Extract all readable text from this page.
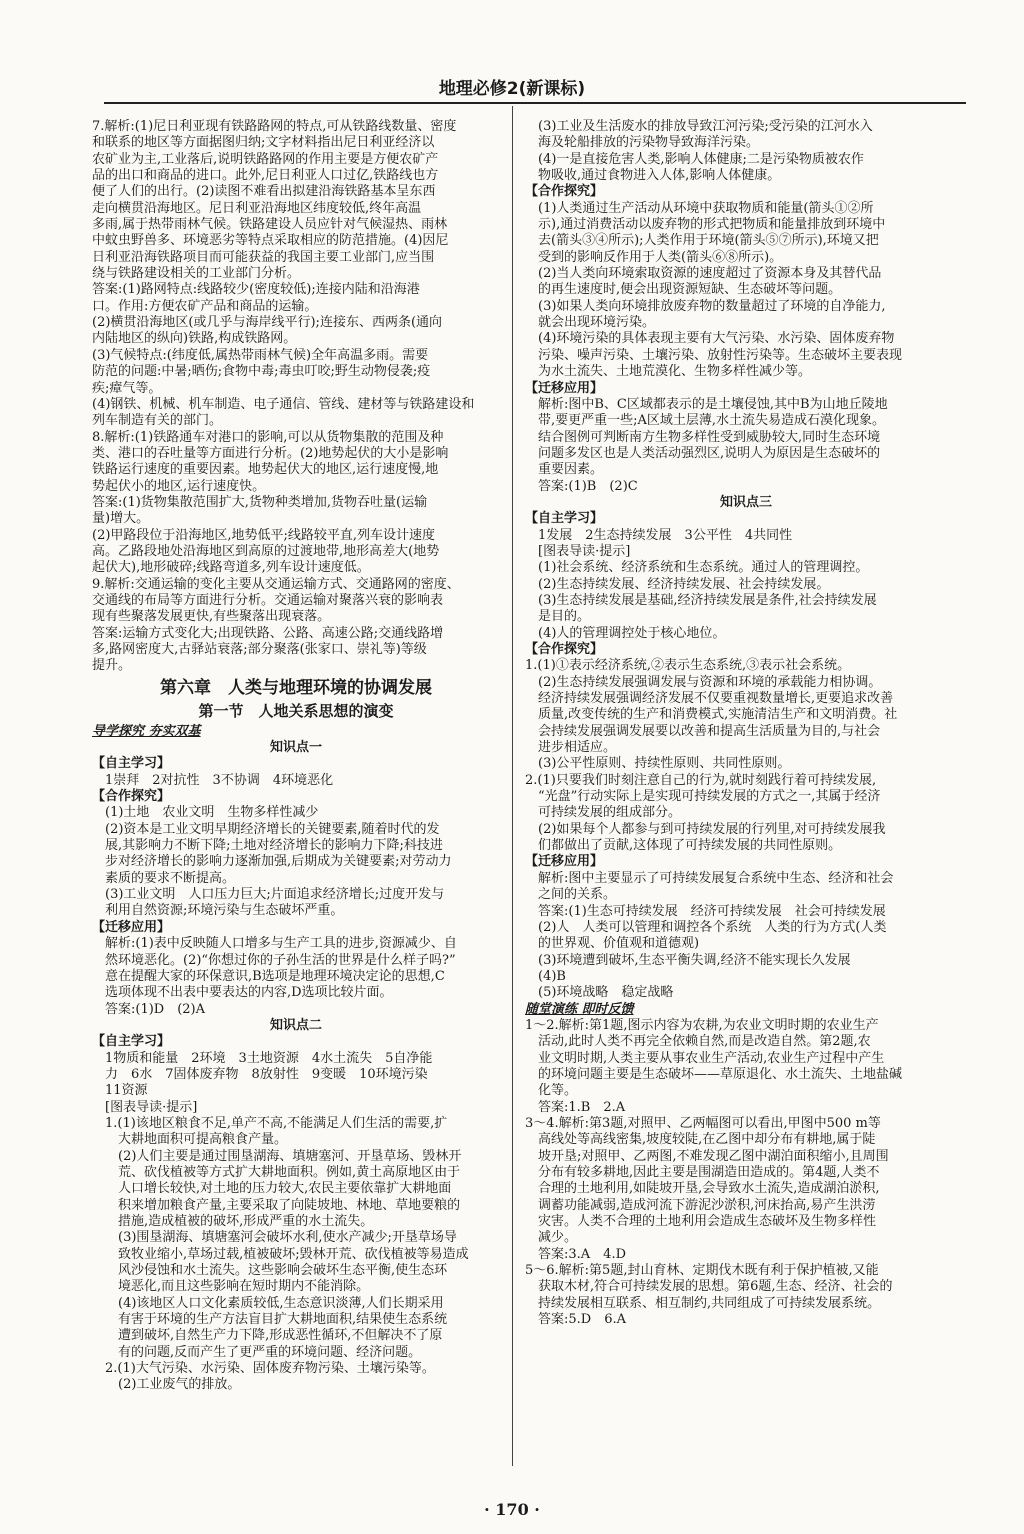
地理必修2(新课标)
7.解析:(1)尼日利亚现有铁路路网的特点,可从铁路线数量、密度
和联系的地区等方面据图归纳;文字材料指出尼日利亚经济以
农矿业为主,工业落后,说明铁路路网的作用主要是方便农矿产
品的出口和商品的进口。此外,尼日利亚人口过亿,铁路线也方
便了人们的出行。(2)读图不难看出拟建沿海铁路基本呈东西
走向横贯沿海地区。尼日利亚沿海地区纬度较低,终年高温
多雨,属于热带雨林气候。铁路建设人员应针对气候湿热、雨林
中蚊虫野兽多、环境恶劣等特点采取相应的防范措施。(4)因尼
日利亚沿海铁路项目而可能获益的我国主要工业部门,应当围
绕与铁路建设相关的工业部门分析。
答案:(1)路网特点:线路较少(密度较低);连接内陆和沿海港
口。作用:方便农矿产品和商品的运输。
(2)横贯沿海地区(或几乎与海岸线平行);连接东、西两条(通向
内陆地区的纵向)铁路,构成铁路网。
(3)气候特点:(纬度低,属热带雨林气候)全年高温多雨。需要
防范的问题:中暑;晒伤;食物中毒;毒虫叮咬;野生动物侵袭;疫
疾;瘴气等。
(4)钢铁、机械、机车制造、电子通信、管线、建材等与铁路建设和
列车制造有关的部门。
8.解析:(1)铁路通车对港口的影响,可以从货物集散的范围及种
类、港口的吞吐量等方面进行分析。(2)地势起伏的大小是影响
铁路运行速度的重要因素。地势起伏大的地区,运行速度慢,地
势起伏小的地区,运行速度快。
答案:(1)货物集散范围扩大,货物种类增加,货物吞吐量(运输
量)增大。
(2)甲路段位于沿海地区,地势低平;线路较平直,列车设计速度
高。乙路段地处沿海地区到高原的过渡地带,地形高差大(地势
起伏大),地形破碎;线路弯道多,列车设计速度低。
9.解析:交通运输的变化主要从交通运输方式、交通路网的密度、
交通线的布局等方面进行分析。交通运输对聚落兴衰的影响表
现有些聚落发展更快,有些聚落出现衰落。
答案:运输方式变化大;出现铁路、公路、高速公路;交通线路增
多,路网密度大,古驿站衰落;部分聚落(张家口、崇礼等)等级
提升。
第六章　人类与地理环境的协调发展
第一节　人地关系思想的演变
导学探究 夯实双基
知识点一
【自主学习】
　1崇拜　2对抗性　3不协调　4环境恶化
【合作探究】
　(1)土地　农业文明　生物多样性减少
　(2)资本是工业文明早期经济增长的关键要素,随着时代的发
　展,其影响力不断下降;土地对经济增长的影响力下降;科技进
　步对经济增长的影响力逐渐加强,后期成为关键要素;对劳动力
　素质的要求不断提高。
　(3)工业文明　人口压力巨大;片面追求经济增长;过度开发与
　利用自然资源;环境污染与生态破坏严重。
【迁移应用】
　解析:(1)表中反映随人口增多与生产工具的进步,资源减少、自
　然环境恶化。(2)“你想过你的子孙生活的世界是什么样子吗?”
　意在提醒大家的环保意识,B选项是地理环境决定论的思想,C
　选项体现不出表中要表达的内容,D选项比较片面。
　答案:(1)D　(2)A
知识点二
【自主学习】
　1物质和能量　2环境　3土地资源　4水土流失　5自净能
　力　6水　7固体废弃物　8放射性　9变暖　10环境污染
　11资源
　[图表导读·提示]
　1.(1)该地区粮食不足,单产不高,不能满足人们生活的需要,扩
　　大耕地面积可提高粮食产量。
　　(2)人们主要是通过围垦湖海、填塘塞河、开垦草场、毁林开
　　荒、砍伐植被等方式扩大耕地面积。例如,黄土高原地区由于
　　人口增长较快,对土地的压力较大,农民主要依靠扩大耕地面
　　积来增加粮食产量,主要采取了向陡坡地、林地、草地要粮的
　　措施,造成植被的破坏,形成严重的水土流失。
　　(3)围垦湖海、填塘塞河会破坏水利,使水产减少;开垦草场导
　　致牧业缩小,草场过载,植被破坏;毁林开荒、砍伐植被等易造成
　　风沙侵蚀和水土流失。这些影响会破坏生态平衡,使生态环
　　境恶化,而且这些影响在短时期内不能消除。
　　(4)该地区人口文化素质较低,生态意识淡薄,人们长期采用
　　有害于环境的生产方法盲目扩大耕地面积,结果使生态系统
　　遭到破坏,自然生产力下降,形成恶性循环,不但解决不了原
　　有的问题,反而产生了更严重的环境问题、经济问题。
　2.(1)大气污染、水污染、固体废弃物污染、土壤污染等。
　　(2)工业废气的排放。
　(3)工业及生活废水的排放导致江河污染;受污染的江河水入
　海及轮船排放的污染物导致海洋污染。
　(4)一是直接危害人类,影响人体健康;二是污染物质被农作
　物吸收,通过食物进入人体,影响人体健康。
【合作探究】
　(1)人类通过生产活动从环境中获取物质和能量(箭头①②所
　示),通过消费活动以废弃物的形式把物质和能量排放到环境中
　去(箭头③④所示);人类作用于环境(箭头⑤⑦所示),环境又把
　受到的影响反作用于人类(箭头⑥⑧所示)。
　(2)当人类向环境索取资源的速度超过了资源本身及其替代品
　的再生速度时,便会出现资源短缺、生态破坏等问题。
　(3)如果人类向环境排放废弃物的数量超过了环境的自净能力,
　就会出现环境污染。
　(4)环境污染的具体表现主要有大气污染、水污染、固体废弃物
　污染、噪声污染、土壤污染、放射性污染等。生态破坏主要表现
　为水土流失、土地荒漠化、生物多样性减少等。
【迁移应用】
　解析:图中B、C区域都表示的是土壤侵蚀,其中B为山地丘陵地
　带,要更严重一些;A区域土层薄,水土流失易造成石漠化现象。
　结合图例可判断南方生物多样性受到威胁较大,同时生态环境
　问题多发区也是人类活动强烈区,说明人为原因是生态破坏的
　重要因素。
　答案:(1)B　(2)C
知识点三
【自主学习】
　1发展　2生态持续发展　3公平性　4共同性
　[图表导读·提示]
　(1)社会系统、经济系统和生态系统。通过人的管理调控。
　(2)生态持续发展、经济持续发展、社会持续发展。
　(3)生态持续发展是基础,经济持续发展是条件,社会持续发展
　是目的。
　(4)人的管理调控处于核心地位。
【合作探究】
1.(1)①表示经济系统,②表示生态系统,③表示社会系统。
　(2)生态持续发展强调发展与资源和环境的承载能力相协调。
　经济持续发展强调经济发展不仅要重视数量增长,更要追求改善
　质量,改变传统的生产和消费模式,实施清洁生产和文明消费。社
　会持续发展强调发展要以改善和提高生活质量为目的,与社会
　进步相适应。
　(3)公平性原则、持续性原则、共同性原则。
2.(1)只要我们时刻注意自己的行为,就时刻践行着可持续发展,
　“光盘”行动实际上是实现可持续发展的方式之一,其属于经济
　可持续发展的组成部分。
　(2)如果每个人都参与到可持续发展的行列里,对可持续发展我
　们都做出了贡献,这体现了可持续发展的共同性原则。
【迁移应用】
　解析:图中主要显示了可持续发展复合系统中生态、经济和社会
　之间的关系。
　答案:(1)生态可持续发展　经济可持续发展　社会可持续发展
　(2)人　人类可以管理和调控各个系统　人类的行为方式(人类
　的世界观、价值观和道德观)
　(3)环境遭到破坏,生态平衡失调,经济不能实现长久发展
　(4)B
　(5)环境战略　稳定战略
随堂演练 即时反馈
1～2.解析:第1题,图示内容为农耕,为农业文明时期的农业生产
　活动,此时人类不再完全依赖自然,而是改造自然。第2题,农
　业文明时期,人类主要从事农业生产活动,农业生产过程中产生
　的环境问题主要是生态破坏——草原退化、水土流失、土地盐碱
　化等。
　答案:1.B　2.A
3～4.解析:第3题,对照甲、乙两幅图可以看出,甲图中500 m等
　高线处等高线密集,坡度较陡,在乙图中却分布有耕地,属于陡
　坡开垦;对照甲、乙两图,不难发现乙图中湖泊面积缩小,且周围
　分布有较多耕地,因此主要是围湖造田造成的。第4题,人类不
　合理的土地利用,如陡坡开垦,会导致水土流失,造成湖泊淤积,
　调蓄功能减弱,造成河流下游泥沙淤积,河床抬高,易产生洪涝
　灾害。人类不合理的土地利用会造成生态破坏及生物多样性
　减少。
　答案:3.A　4.D
5～6.解析:第5题,封山育林、定期伐木既有利于保护植被,又能
　获取木材,符合可持续发展的思想。第6题,生态、经济、社会的
　持续发展相互联系、相互制约,共同组成了可持续发展系统。
　答案:5.D　6.A
· 170 ·
